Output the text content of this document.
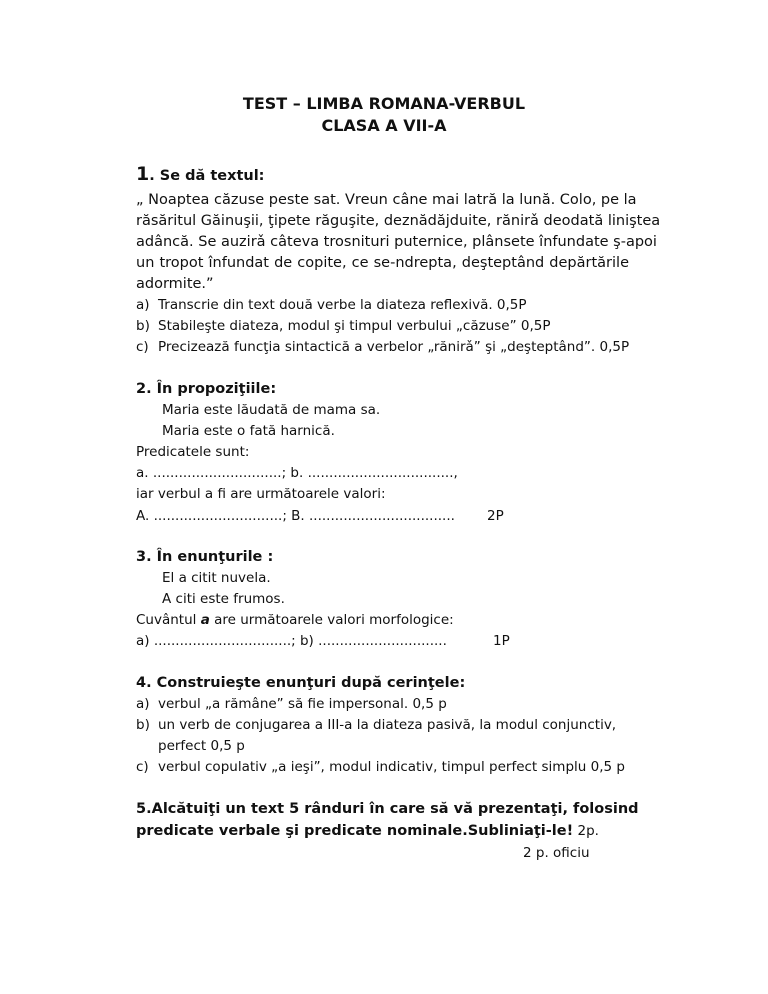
TEST – LIMBA ROMANA-VERBUL
CLASA A VII-A
1. Se dă textul:
„ Noaptea căzuse peste sat. Vreun câne mai latră la lună. Colo, pe la
răsăritul Găinuşii, ţipete răguşite, deznădăjduite, rănirǎ deodată liniştea
adâncă. Se auzirǎ câteva trosnituri puternice, plânsete înfundate ş-apoi
un tropot înfundat de copite, ce se-ndrepta, deşteptând depărtările
adormite.”
a) Transcrie din text două verbe la diateza reflexivă. 0,5P
b) Stabileşte diateza, modul şi timpul verbului „căzuse” 0,5P
c) Precizează funcţia sintactică a verbelor „rănirǎ” şi „deşteptând”. 0,5P
2. În propoziţiile:
Maria este lăudată de mama sa.
Maria este o fată harnică.
Predicatele sunt:
a. ..............................; b. ..................................,
iar verbul a fi are următoarele valori:
A. ..............................; B. .................................. 2P
3. În enunţurile :
El a citit nuvela.
A citi este frumos.
Cuvântul a are următoarele valori morfologice:
a) ................................; b) ..............................	1P
4. Construieşte enunţuri după cerinţele:
a) verbul „a rămâne” să fie impersonal. 0,5 p
b) un verb de conjugarea a III-a la diateza pasivă, la modul conjunctiv,
perfect 0,5 p
c) verbul copulativ „a ieşi”, modul indicativ, timpul perfect simplu 0,5 p
5.Alcătuiţi un text 5 rânduri în care să vă prezentaţi, folosind
predicate verbale şi predicate nominale.Subliniaţi-le! 2p.
2 p. oficiu
